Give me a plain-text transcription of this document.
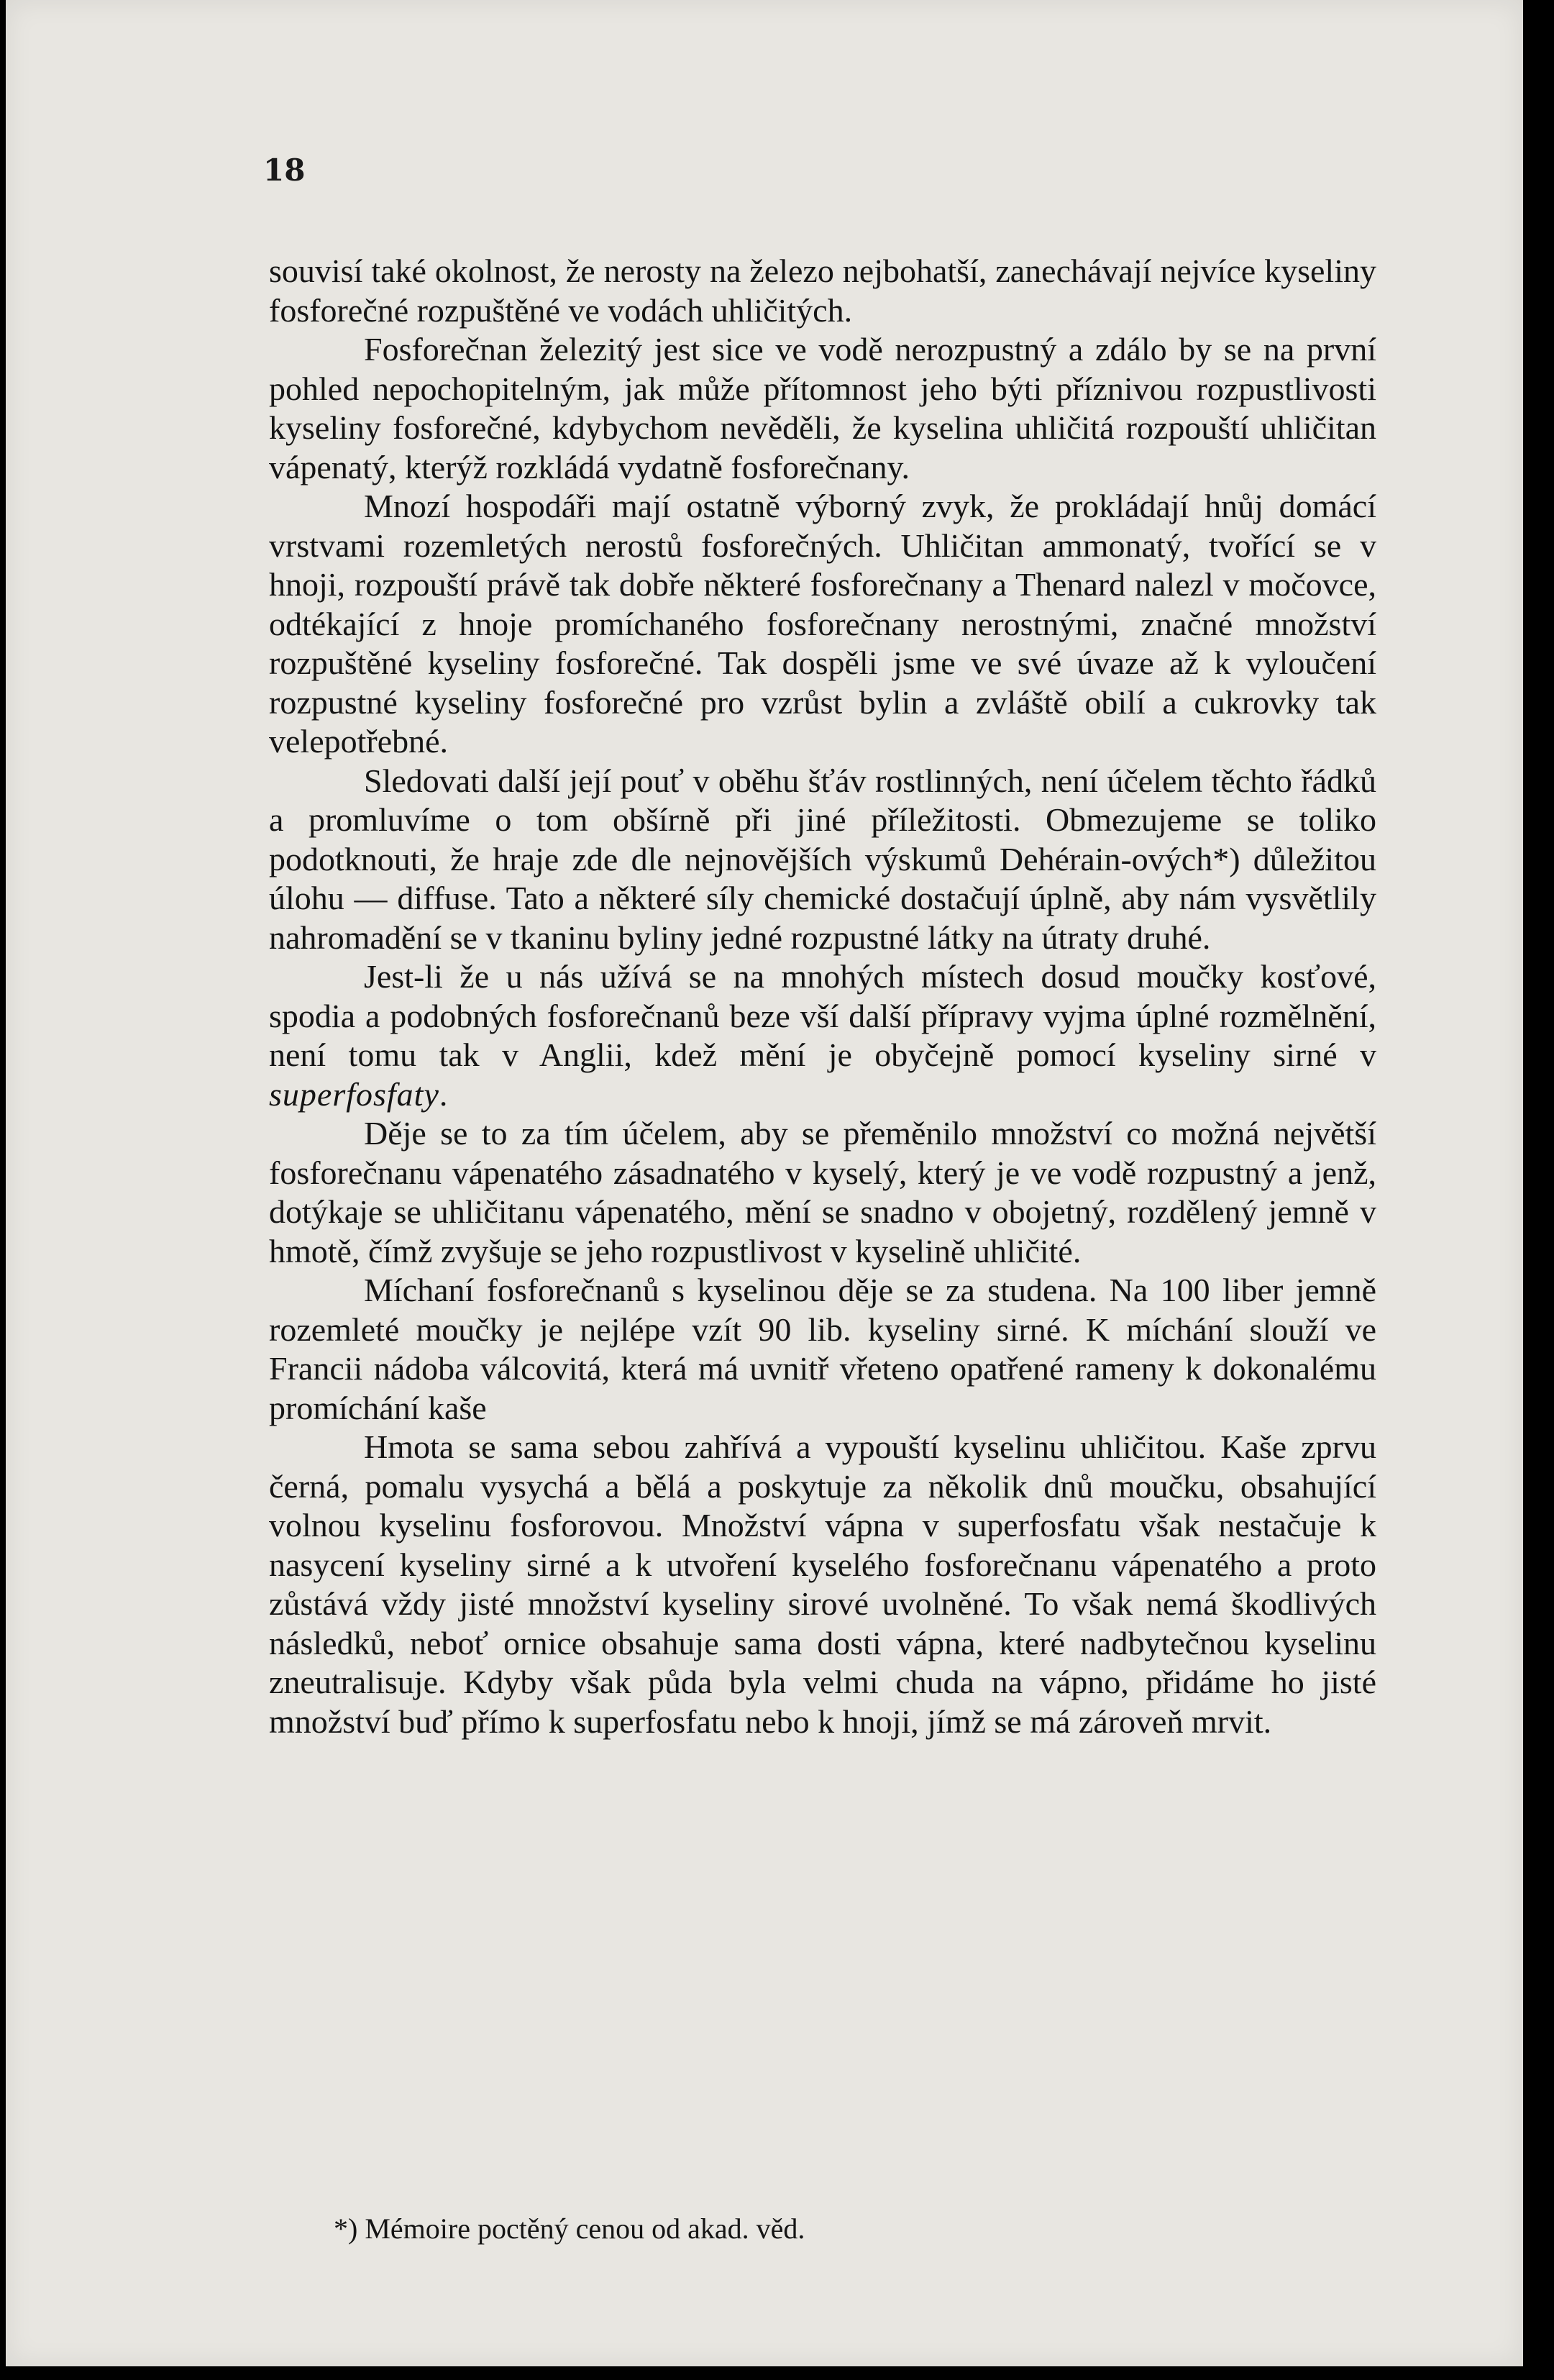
18

souvisí také okolnost, že nerosty na železo nejbohatší, zanechávají nejvíce kyseliny fosforečné rozpuštěné ve vodách uhličitých.

Fosforečnan železitý jest sice ve vodě nerozpustný a zdálo by se na první pohled nepochopitelným, jak může přítomnost jeho býti příznivou rozpustlivosti kyseliny fosforečné, kdybychom nevěděli, že kyselina uhličitá rozpouští uhličitan vápenatý, kterýž rozkládá vydatně fosforečnany.

Mnozí hospodáři mají ostatně výborný zvyk, že prokládají hnůj domácí vrstvami rozemletých nerostů fosforečných. Uhličitan ammonatý, tvořící se v hnoji, rozpouští právě tak dobře některé fosforečnany a Thenard nalezl v močovce, odtékající z hnoje promíchaného fosforečnany nerostnými, značné množství rozpuštěné kyseliny fosforečné. Tak dospěli jsme ve své úvaze až k vyloučení rozpustné kyseliny fosforečné pro vzrůst bylin a zvláště obilí a cukrovky tak velepotřebné.

Sledovati další její pouť v oběhu šťáv rostlinných, není účelem těchto řádků a promluvíme o tom obšírně při jiné příležitosti. Obmezujeme se toliko podotknouti, že hraje zde dle nejnovějších výskumů Dehérain-ových*) důležitou úlohu — diffuse. Tato a některé síly chemické dostačují úplně, aby nám vysvětlily nahromadění se v tkaninu byliny jedné rozpustné látky na útraty druhé.

Jest-li že u nás užívá se na mnohých místech dosud moučky kosťové, spodia a podobných fosforečnanů beze vší další přípravy vyjma úplné rozmělnění, není tomu tak v Anglii, kdež mění je obyčejně pomocí kyseliny sirné v superfosfaty.

Děje se to za tím účelem, aby se přeměnilo množství co možná největší fosforečnanu vápenatého zásadnatého v kyselý, který je ve vodě rozpustný a jenž, dotýkaje se uhličitanu vápenatého, mění se snadno v obojetný, rozdělený jemně v hmotě, čímž zvyšuje se jeho rozpustlivost v kyselině uhličité.

Míchaní fosforečnanů s kyselinou děje se za studena. Na 100 liber jemně rozemleté moučky je nejlépe vzít 90 lib. kyseliny sirné. K míchání slouží ve Francii nádoba válcovitá, která má uvnitř vřeteno opatřené rameny k dokonalému promíchání kaše

Hmota se sama sebou zahřívá a vypouští kyselinu uhličitou. Kaše zprvu černá, pomalu vysychá a bělá a poskytuje za několik dnů moučku, obsahující volnou kyselinu fosforovou. Množství vápna v superfosfatu však nestačuje k nasycení kyseliny sirné a k utvoření kyselého fosforečnanu vápenatého a proto zůstává vždy jisté množství kyseliny sirové uvolněné. To však nemá škodlivých následků, neboť ornice obsahuje sama dosti vápna, které nadbytečnou kyselinu zneutralisuje. Kdyby však půda byla velmi chuda na vápno, přidáme ho jisté množství buď přímo k superfosfatu nebo k hnoji, jímž se má zároveň mrvit.

*) Mémoire poctěný cenou od akad. věd.
